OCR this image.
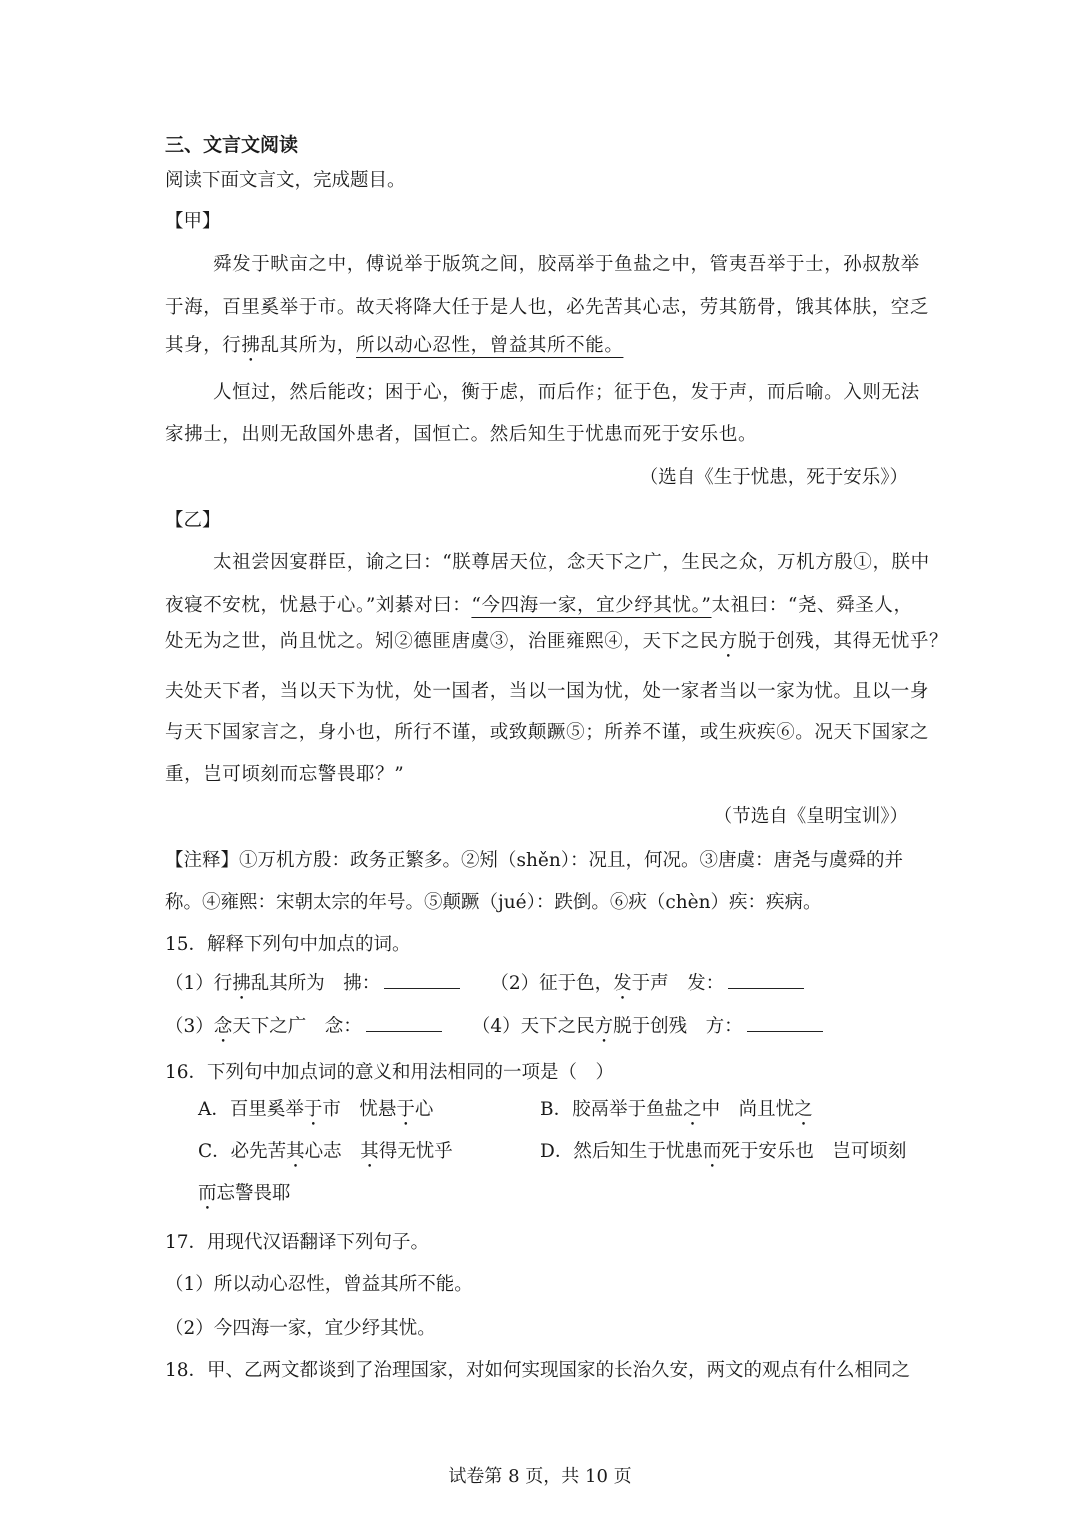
三、文言文阅读
阅读下面文言文，完成题目。
【甲】
舜发于畎亩之中，傅说举于版筑之间，胶鬲举于鱼盐之中，管夷吾举于士，孙叔敖举
于海，百里奚举于市。故天将降大任于是人也，必先苦其心志，劳其筋骨，饿其体肤，空乏
其身，行拂乱其所为，所以动心忍性，曾益其所不能。
人恒过，然后能改；困于心，衡于虑，而后作；征于色，发于声，而后喻。入则无法
家拂士，出则无敌国外患者，国恒亡。然后知生于忧患而死于安乐也。
（选自《生于忧患，死于安乐》）
【乙】
太祖尝因宴群臣，谕之曰：“朕尊居天位，念天下之广，生民之众，万机方殷①，朕中
夜寝不安枕，忧悬于心。”刘綦对曰：“今四海一家，宜少纾其忧。”太祖曰：“尧、舜圣人，
处无为之世，尚且忧之。矧②德匪唐虞③，治匪雍熙④，天下之民方脱于创残，其得无忧乎？
夫处天下者，当以天下为忧，处一国者，当以一国为忧，处一家者当以一家为忧。且以一身
与天下国家言之，身小也，所行不谨，或致颠蹶⑤；所养不谨，或生疢疾⑥。况天下国家之
重，岂可顷刻而忘警畏耶？”
（节选自《皇明宝训》）
【注释】①万机方殷：政务正繁多。②矧（shěn）：况且，何况。③唐虞：唐尧与虞舜的并
称。④雍熙：宋朝太宗的年号。⑤颠蹶（jué）：跌倒。⑥疢（chèn）疾：疾病。
15．解释下列句中加点的词。
（1）行拂乱其所为　拂：	（2）征于色，发于声　发：
（3）念天下之广　念：	（4）天下之民方脱于创残　方：
16．下列句中加点词的意义和用法相同的一项是（　）
A．百里奚举于市　忧悬于心	B．胶鬲举于鱼盐之中　尚且忧之
C．必先苦其心志　其得无忧乎	D．然后知生于忧患而死于安乐也　岂可顷刻
而忘警畏耶
17．用现代汉语翻译下列句子。
（1）所以动心忍性，曾益其所不能。
（2）今四海一家，宜少纾其忧。
18．甲、乙两文都谈到了治理国家，对如何实现国家的长治久安，两文的观点有什么相同之
试卷第 8 页，共 10 页
